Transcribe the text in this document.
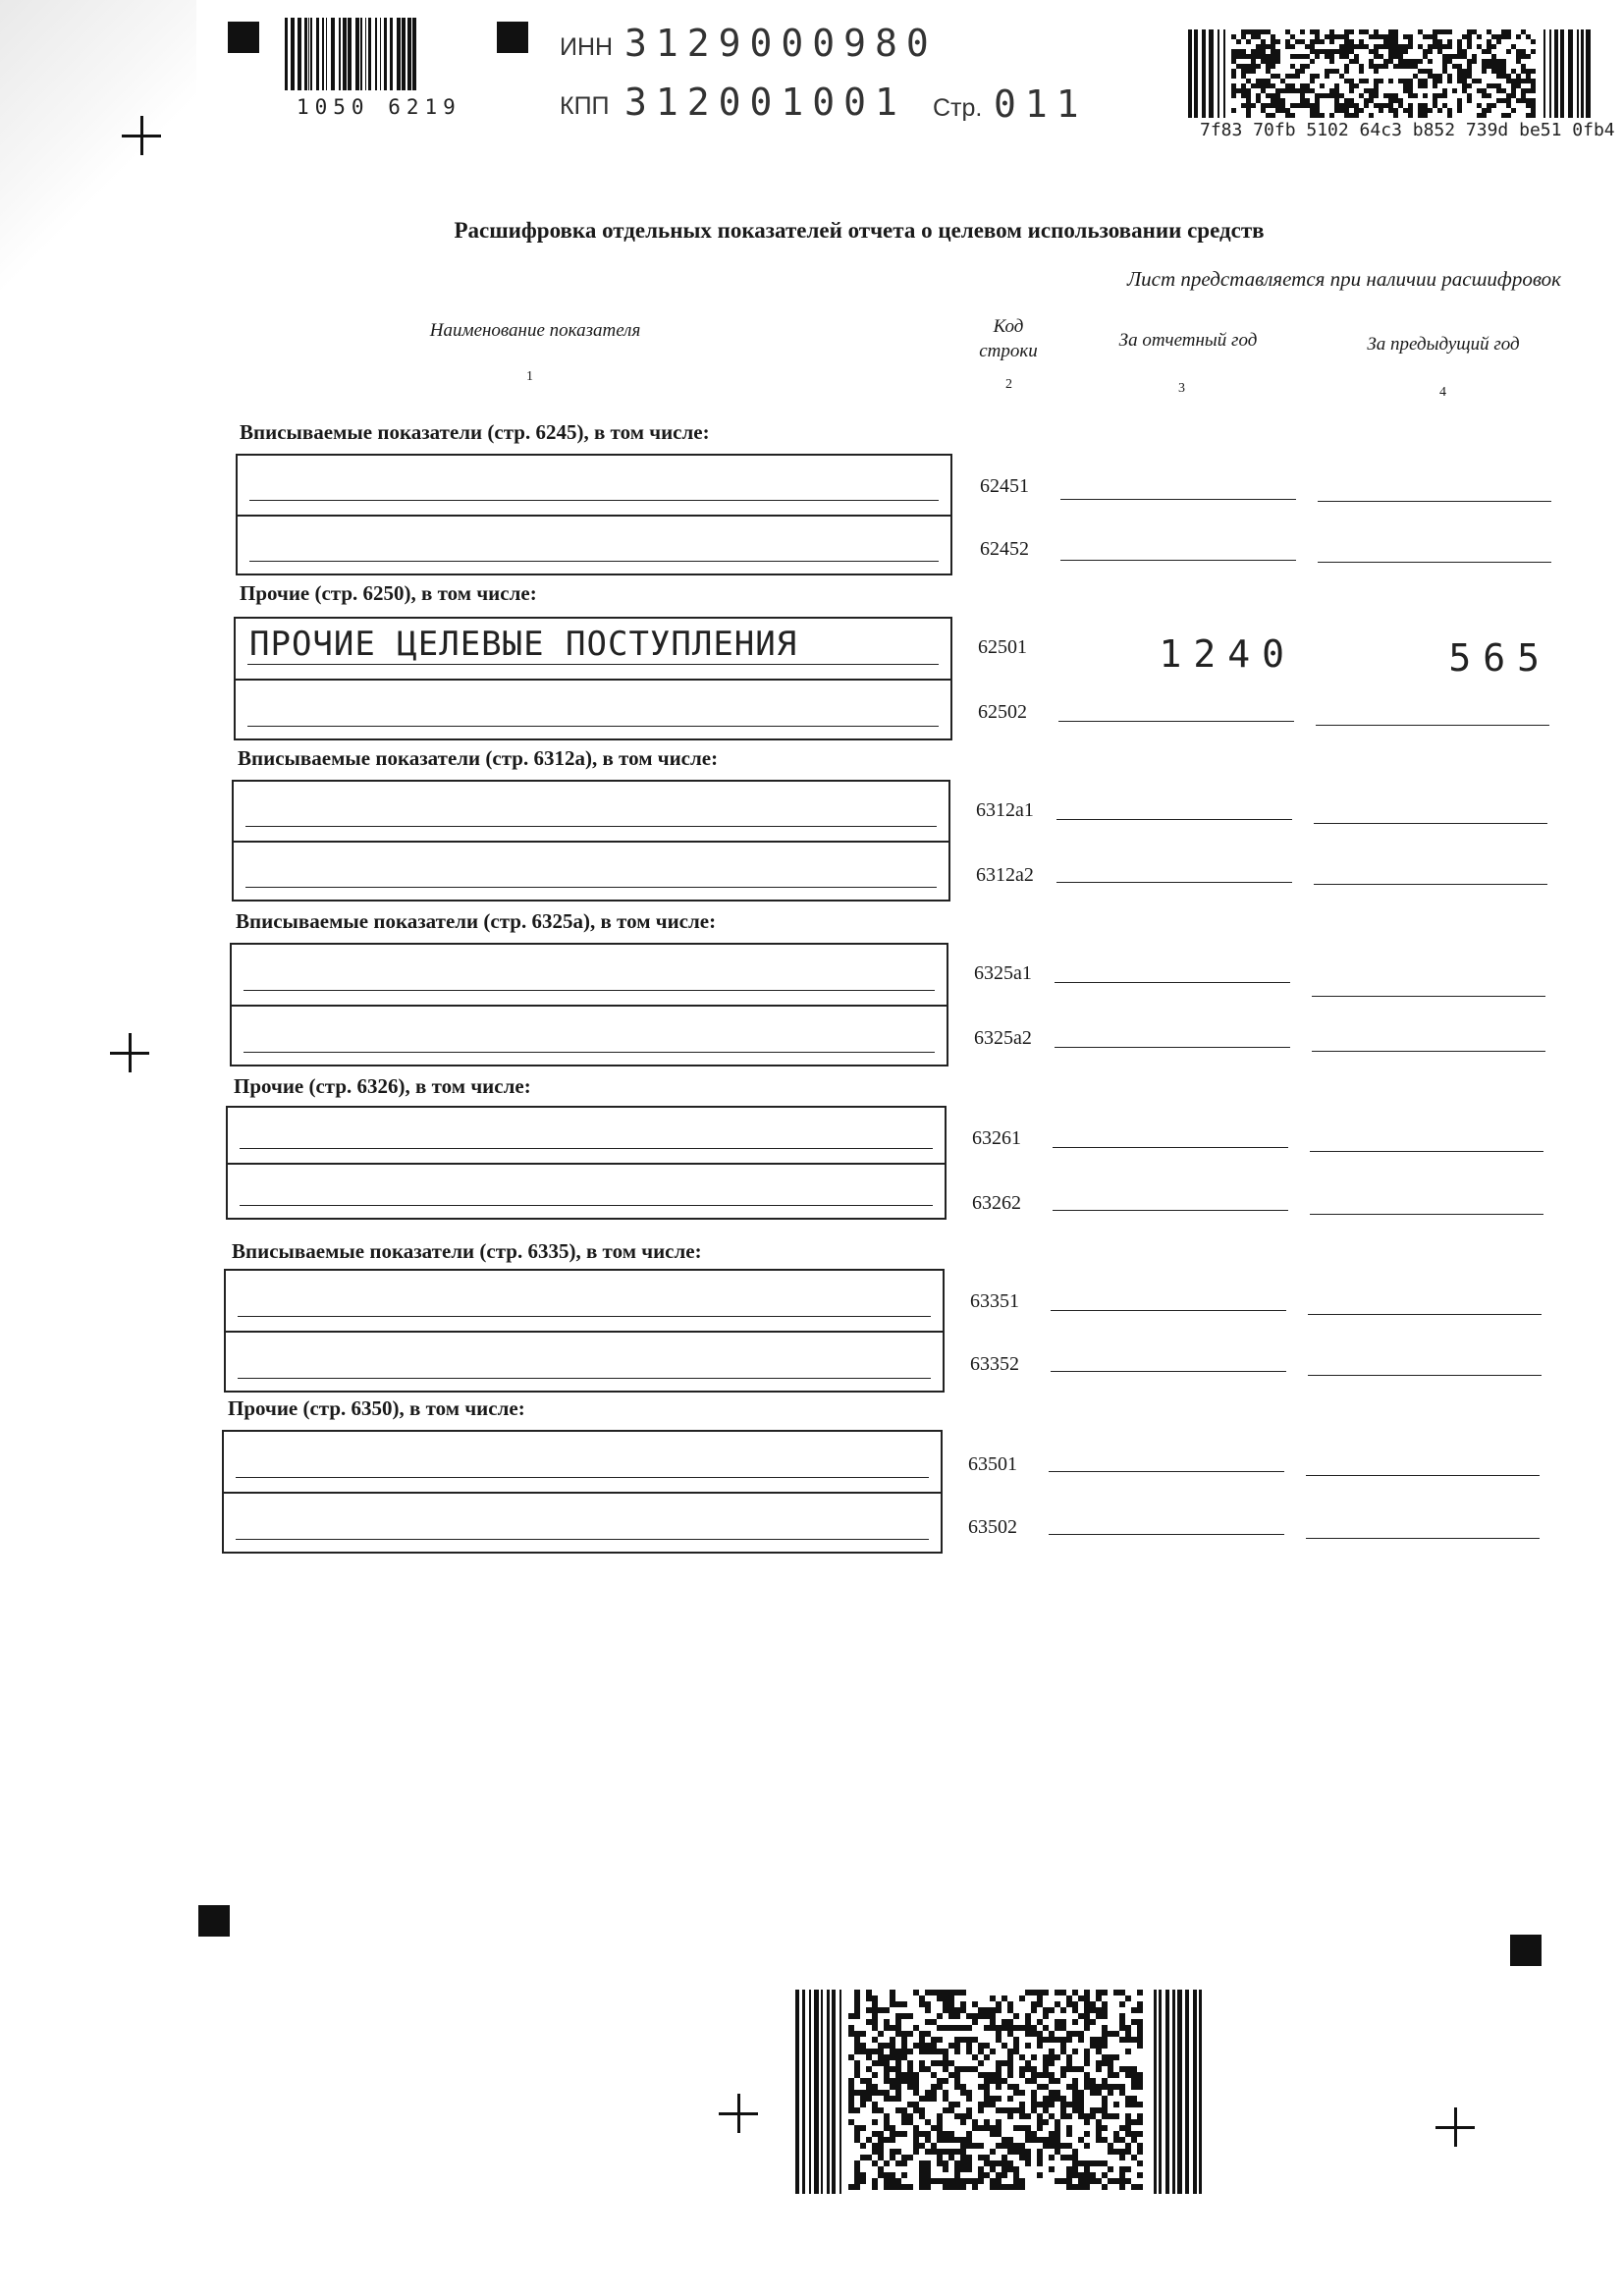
1050 6219
ИНН 3129000980
КПП 312001001 Стр. 011
7f83 70fb 5102 64c3 b852 739d be51 0fb4
Расшифровка отдельных показателей отчета о целевом использовании средств
Лист представляется при наличии расшифровок
Наименование показателя
1
Код строки
2
За отчетный год
3
За предыдущий год
4
Вписываемые показатели (стр. 6245), в том числе:
62451
62452
Прочие (стр. 6250), в том числе:
ПРОЧИЕ ЦЕЛЕВЫЕ ПОСТУПЛЕНИЯ	62501	1240	565
62502
Вписываемые показатели (стр. 6312а), в том числе:
6312а1
6312а2
Вписываемые показатели (стр. 6325а), в том числе:
6325а1
6325а2
Прочие (стр. 6326), в том числе:
63261
63262
Вписываемые показатели (стр. 6335), в том числе:
63351
63352
Прочие (стр. 6350), в том числе:
63501
63502
